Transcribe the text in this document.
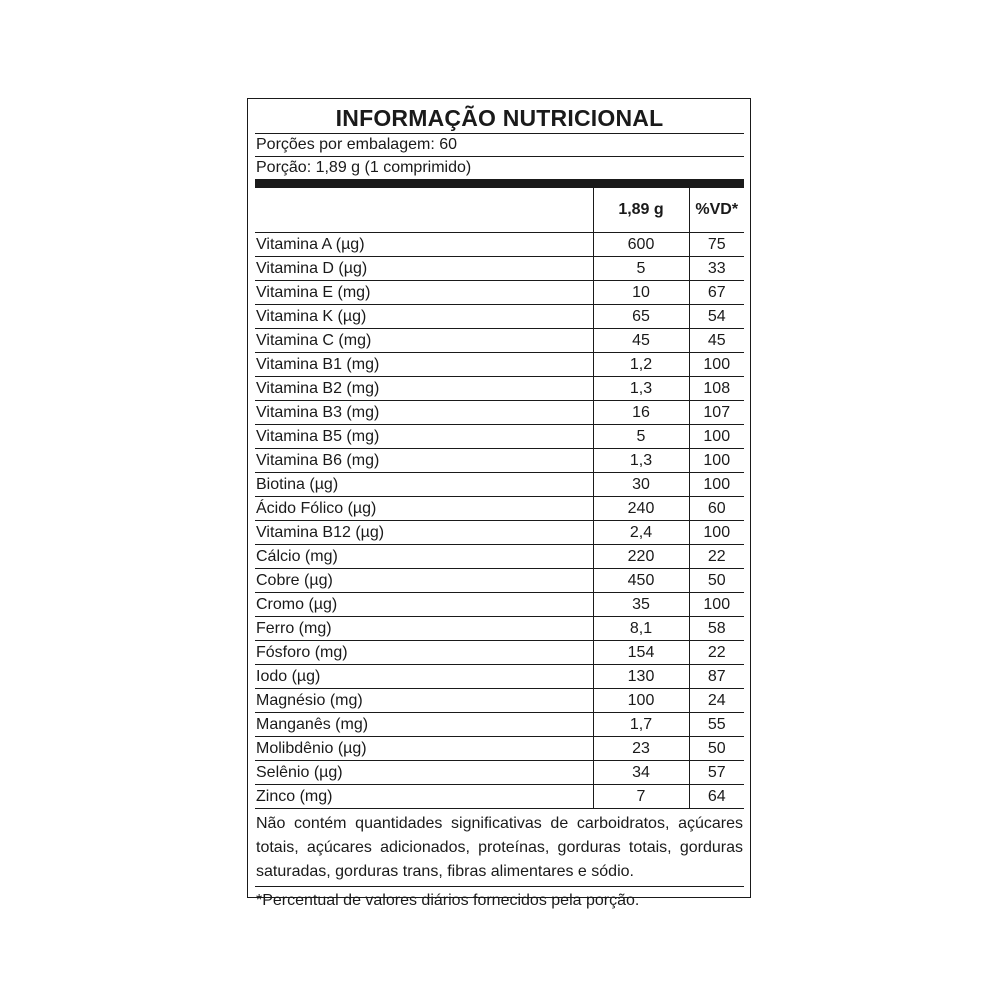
INFORMAÇÃO NUTRICIONAL
Porções por embalagem: 60
Porção: 1,89 g (1 comprimido)
	1,89 g	%VD*
Vitamina A (µg)	600	75
Vitamina D (µg)	5	33
Vitamina E (mg)	10	67
Vitamina K (µg)	65	54
Vitamina C (mg)	45	45
Vitamina B1 (mg)	1,2	100
Vitamina B2 (mg)	1,3	108
Vitamina B3 (mg)	16	107
Vitamina B5 (mg)	5	100
Vitamina B6 (mg)	1,3	100
Biotina (µg)	30	100
Ácido Fólico (µg)	240	60
Vitamina B12 (µg)	2,4	100
Cálcio (mg)	220	22
Cobre (µg)	450	50
Cromo (µg)	35	100
Ferro (mg)	8,1	58
Fósforo (mg)	154	22
Iodo (µg)	130	87
Magnésio (mg)	100	24
Manganês (mg)	1,7	55
Molibdênio (µg)	23	50
Selênio (µg)	34	57
Zinco (mg)	7	64
Não contém quantidades significativas de carboidratos, açúcares totais, açúcares adicionados, proteínas, gorduras totais, gorduras saturadas, gorduras trans, fibras alimentares e sódio.
*Percentual de valores diários fornecidos pela porção.
